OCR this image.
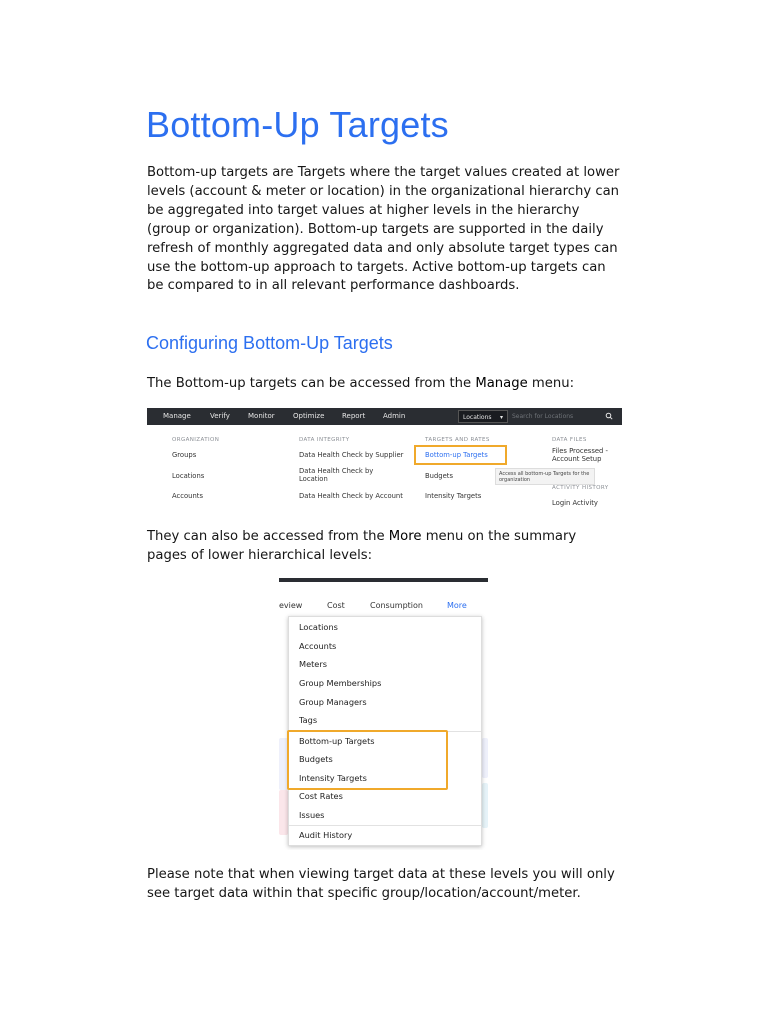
Bottom-Up Targets

Bottom-up targets are Targets where the target values created at lower levels (account & meter or location) in the organizational hierarchy can be aggregated into target values at higher levels in the hierarchy (group or organization). Bottom-up targets are supported in the daily refresh of monthly aggregated data and only absolute target types can use the bottom-up approach to targets. Active bottom-up targets can be compared to in all relevant performance dashboards.

Configuring Bottom-Up Targets

The Bottom-up targets can be accessed from the Manage menu:

Manage	Verify	Monitor	Optimize	Report	Admin	Locations ▾	Search for Locations
ORGANIZATION
Groups
Locations
Accounts
DATA INTEGRITY
Data Health Check by Supplier
Data Health Check by Location
Data Health Check by Account
TARGETS AND RATES
Bottom-up Targets
Budgets
Intensity Targets
DATA FILES
Files Processed - Account Setup
ACTIVITY HISTORY
Login Activity
Access all bottom-up Targets for the organization

They can also be accessed from the More menu on the summary pages of lower hierarchical levels:

eview	Cost	Consumption	More
Locations
Accounts
Meters
Group Memberships
Group Managers
Tags
Bottom-up Targets
Budgets
Intensity Targets
Cost Rates
Issues
Audit History

Please note that when viewing target data at these levels you will only see target data within that specific group/location/account/meter.
